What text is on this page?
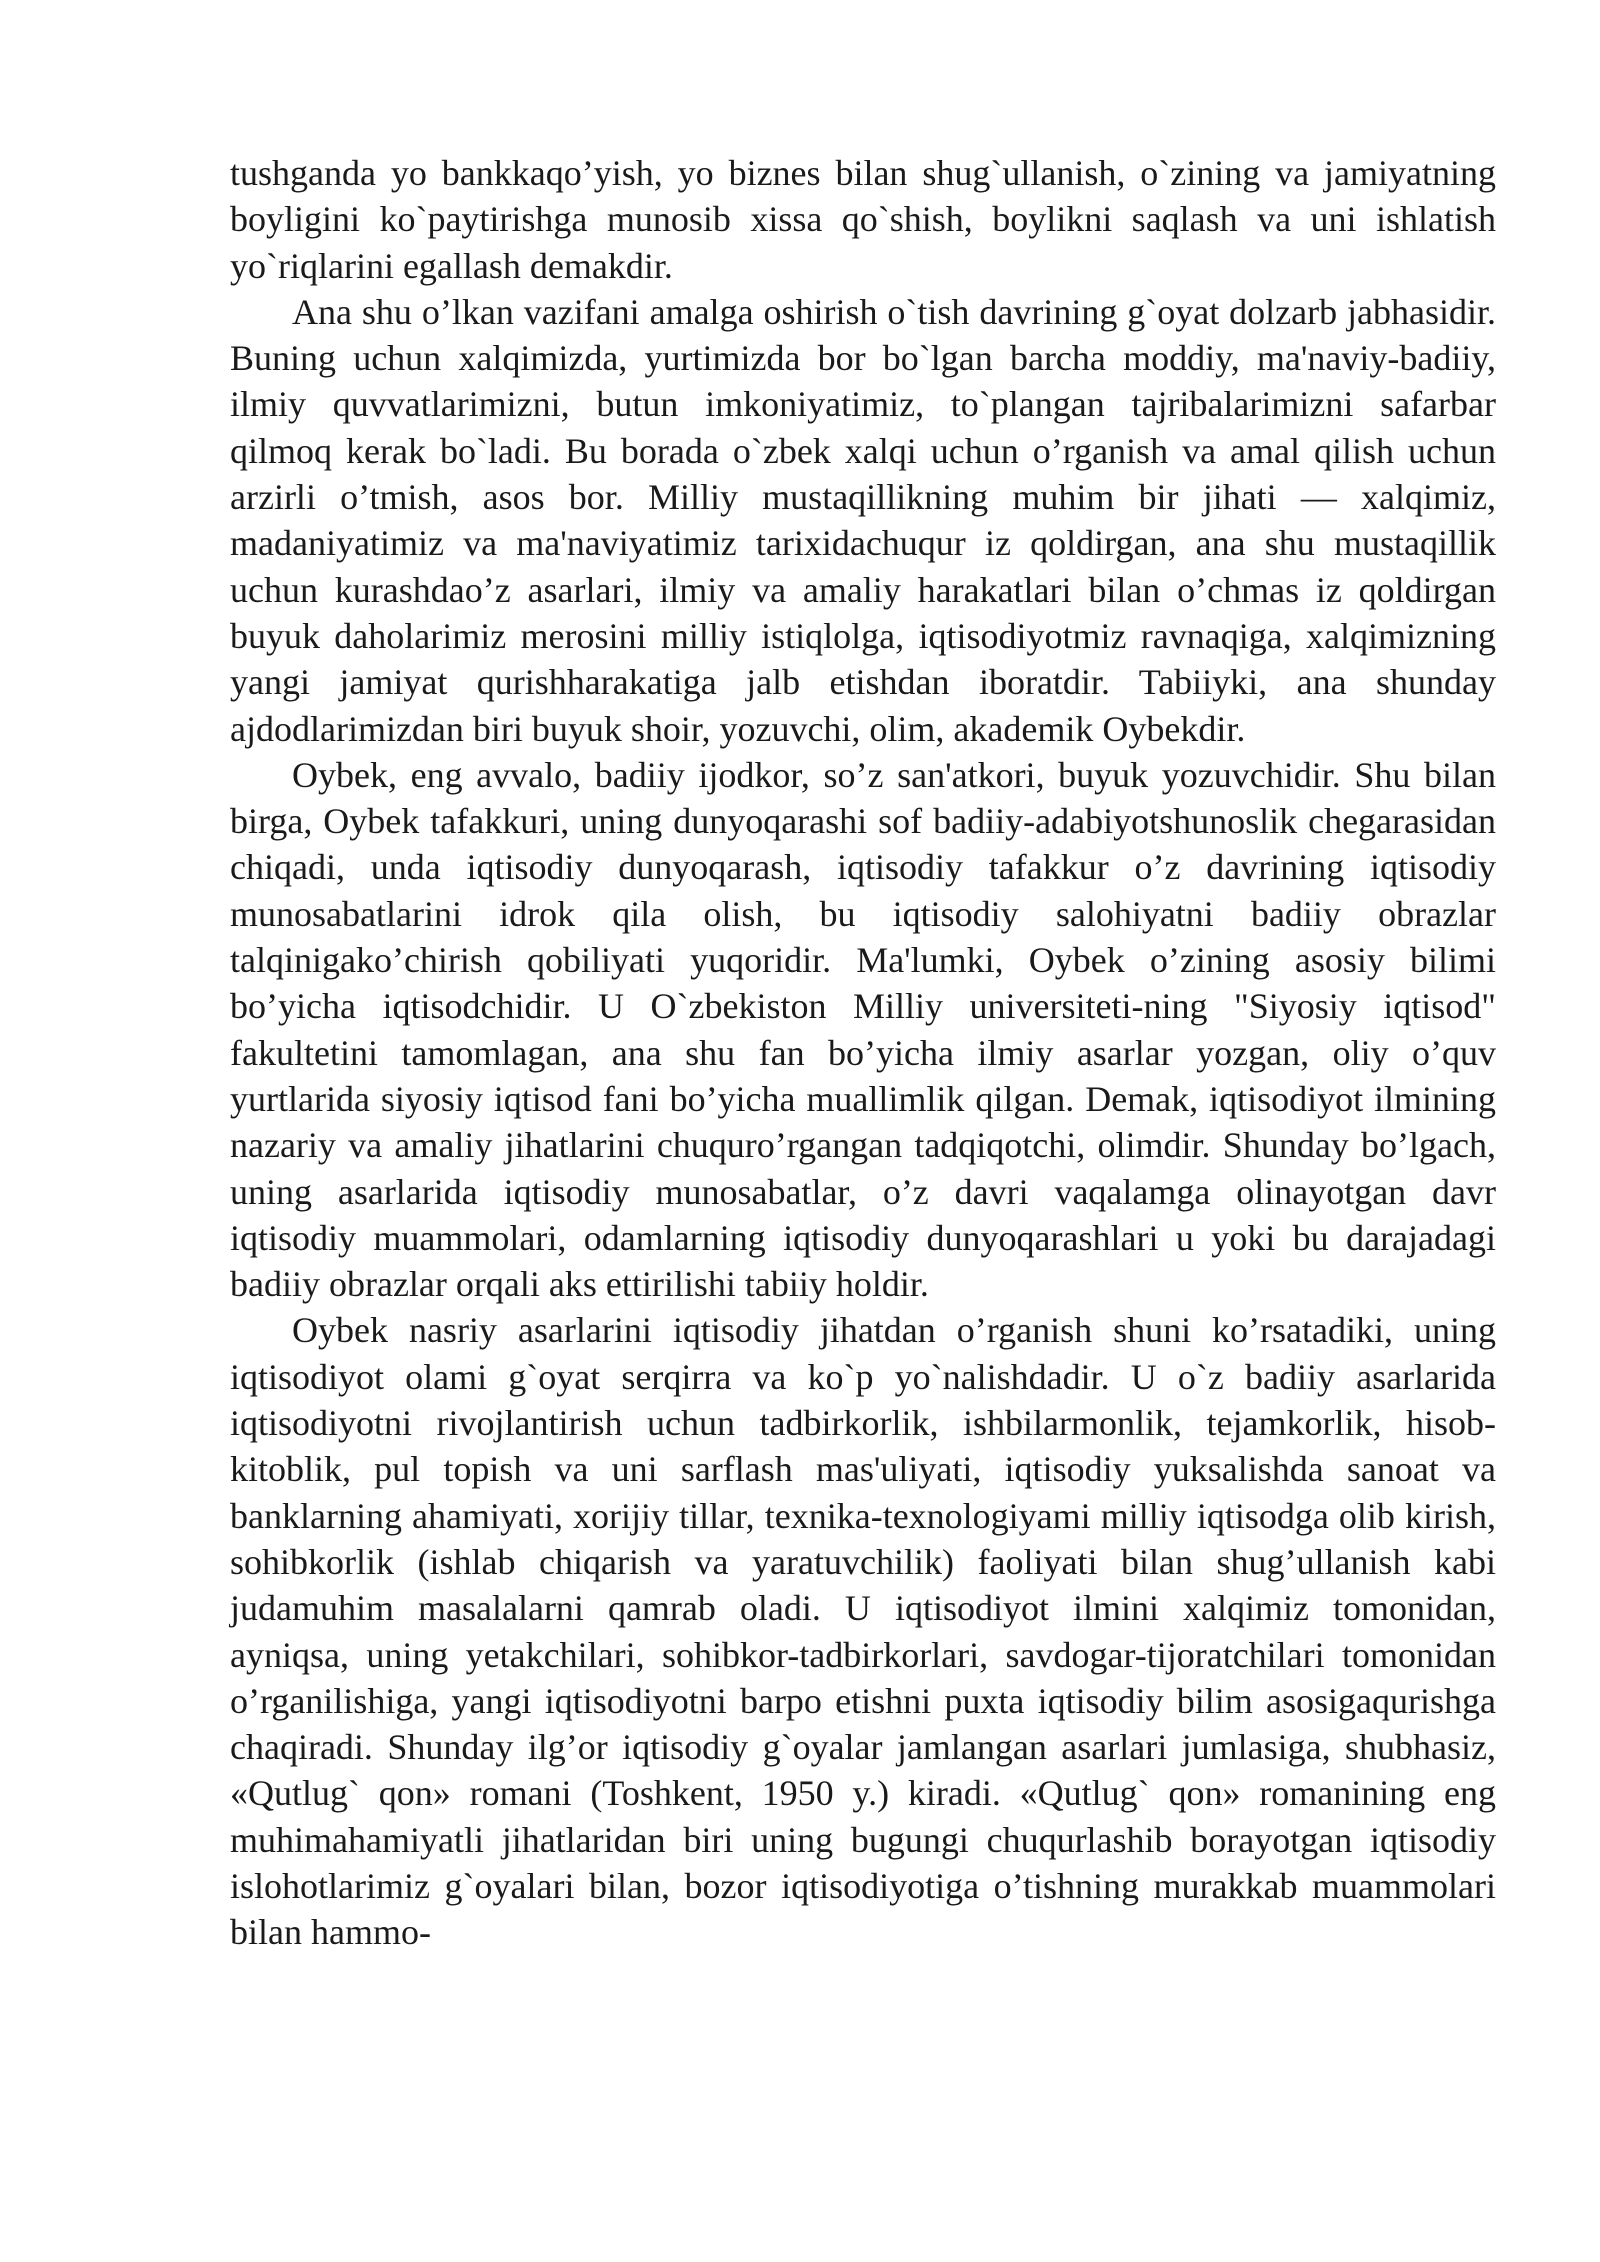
tushganda yo bankkaqo’yish, yo biznes bilan shug`ullanish, o`zining va jamiyatning boyligini ko`paytirishga munosib xissa qo`shish, boylikni saqlash va uni ishlatish yo`riqlarini egallash demakdir.

Ana shu o’lkan vazifani amalga oshirish o`tish davrining g`oyat dolzarb jabhasidir. Buning uchun xalqimizda, yurtimizda bor bo`lgan barcha moddiy, ma'naviy-badiiy, ilmiy quvvatlarimizni, butun imkoniyatimiz, to`plangan tajribalarimizni safarbar qilmoq kerak bo`ladi. Bu borada o`zbek xalqi uchun o’rganish va amal qilish uchun arzirli o’tmish, asos bor. Milliy mustaqillikning muhim bir jihati — xalqimiz, madaniyatimiz va ma'naviyatimiz tarixidachuqur iz qoldirgan, ana shu mustaqillik uchun kurashdao’z asarlari, ilmiy va amaliy harakatlari bilan o’chmas iz qoldirgan buyuk daholarimiz merosini milliy istiqlolga, iqtisodiyotmiz ravnaqiga, xalqimizning yangi jamiyat qurishharakatiga jalb etishdan iboratdir. Tabiiyki, ana shunday ajdodlarimizdan biri buyuk shoir, yozuvchi, olim, akademik Oybekdir.

Oybek, eng avvalo, badiiy ijodkor, so’z san'atkori, buyuk yozuvchidir. Shu bilan birga, Oybek tafakkuri, uning dunyoqarashi sof badiiy-adabiyotshunoslik chegarasidan chiqadi, unda iqtisodiy dunyoqarash, iqtisodiy tafakkur o’z davrining iqtisodiy munosabatlarini idrok qila olish, bu iqtisodiy salohiyatni badiiy obrazlar talqinigako’chirish qobiliyati yuqoridir. Ma'lumki, Oybek o’zining asosiy bilimi bo’yicha iqtisodchidir. U O`zbekiston Milliy universiteti-ning "Siyosiy iqtisod" fakultetini tamomlagan, ana shu fan bo’yicha ilmiy asarlar yozgan, oliy o’quv yurtlarida siyosiy iqtisod fani bo’yicha muallimlik qilgan. Demak, iqtisodiyot ilmining nazariy va amaliy jihatlarini chuquro’rgangan tadqiqotchi, olimdir. Shunday bo’lgach, uning asarlarida iqtisodiy munosabatlar, o’z davri vaqalamga olinayotgan davr iqtisodiy muammolari, odamlarning iqtisodiy dunyoqarashlari u yoki bu darajadagi badiiy obrazlar orqali aks ettirilishi tabiiy holdir.

Oybek nasriy asarlarini iqtisodiy jihatdan o’rganish shuni ko’rsatadiki, uning iqtisodiyot olami g`oyat serqirra va ko`p yo`nalishdadir. U o`z badiiy asarlarida iqtisodiyotni rivojlantirish uchun tadbirkorlik, ishbilarmonlik, tejamkorlik, hisob-kitoblik, pul topish va uni sarflash mas'uliyati, iqtisodiy yuksalishda sanoat va banklarning ahamiyati, xorijiy tillar, texnika-texnologiyami milliy iqtisodga olib kirish, sohibkorlik (ishlab chiqarish va yaratuvchilik) faoliyati bilan shug’ullanish kabi judamuhim masalalarni qamrab oladi. U iqtisodiyot ilmini xalqimiz tomonidan, ayniqsa, uning yetakchilari, sohibkor-tadbirkorlari, savdogar-tijoratchilari tomonidan o’rganilishiga, yangi iqtisodiyotni barpo etishni puxta iqtisodiy bilim asosigaqurishga chaqiradi. Shunday ilg’or iqtisodiy g`oyalar jamlangan asarlari jumlasiga, shubhasiz, «Qutlug` qon» romani (Toshkent, 1950 y.) kiradi. «Qutlug` qon» romanining eng muhimahamiyatli jihatlaridan biri uning bugungi chuqurlashib borayotgan iqtisodiy islohotlarimiz g`oyalari bilan, bozor iqtisodiyotiga o’tishning murakkab muammolari bilan hammo-
